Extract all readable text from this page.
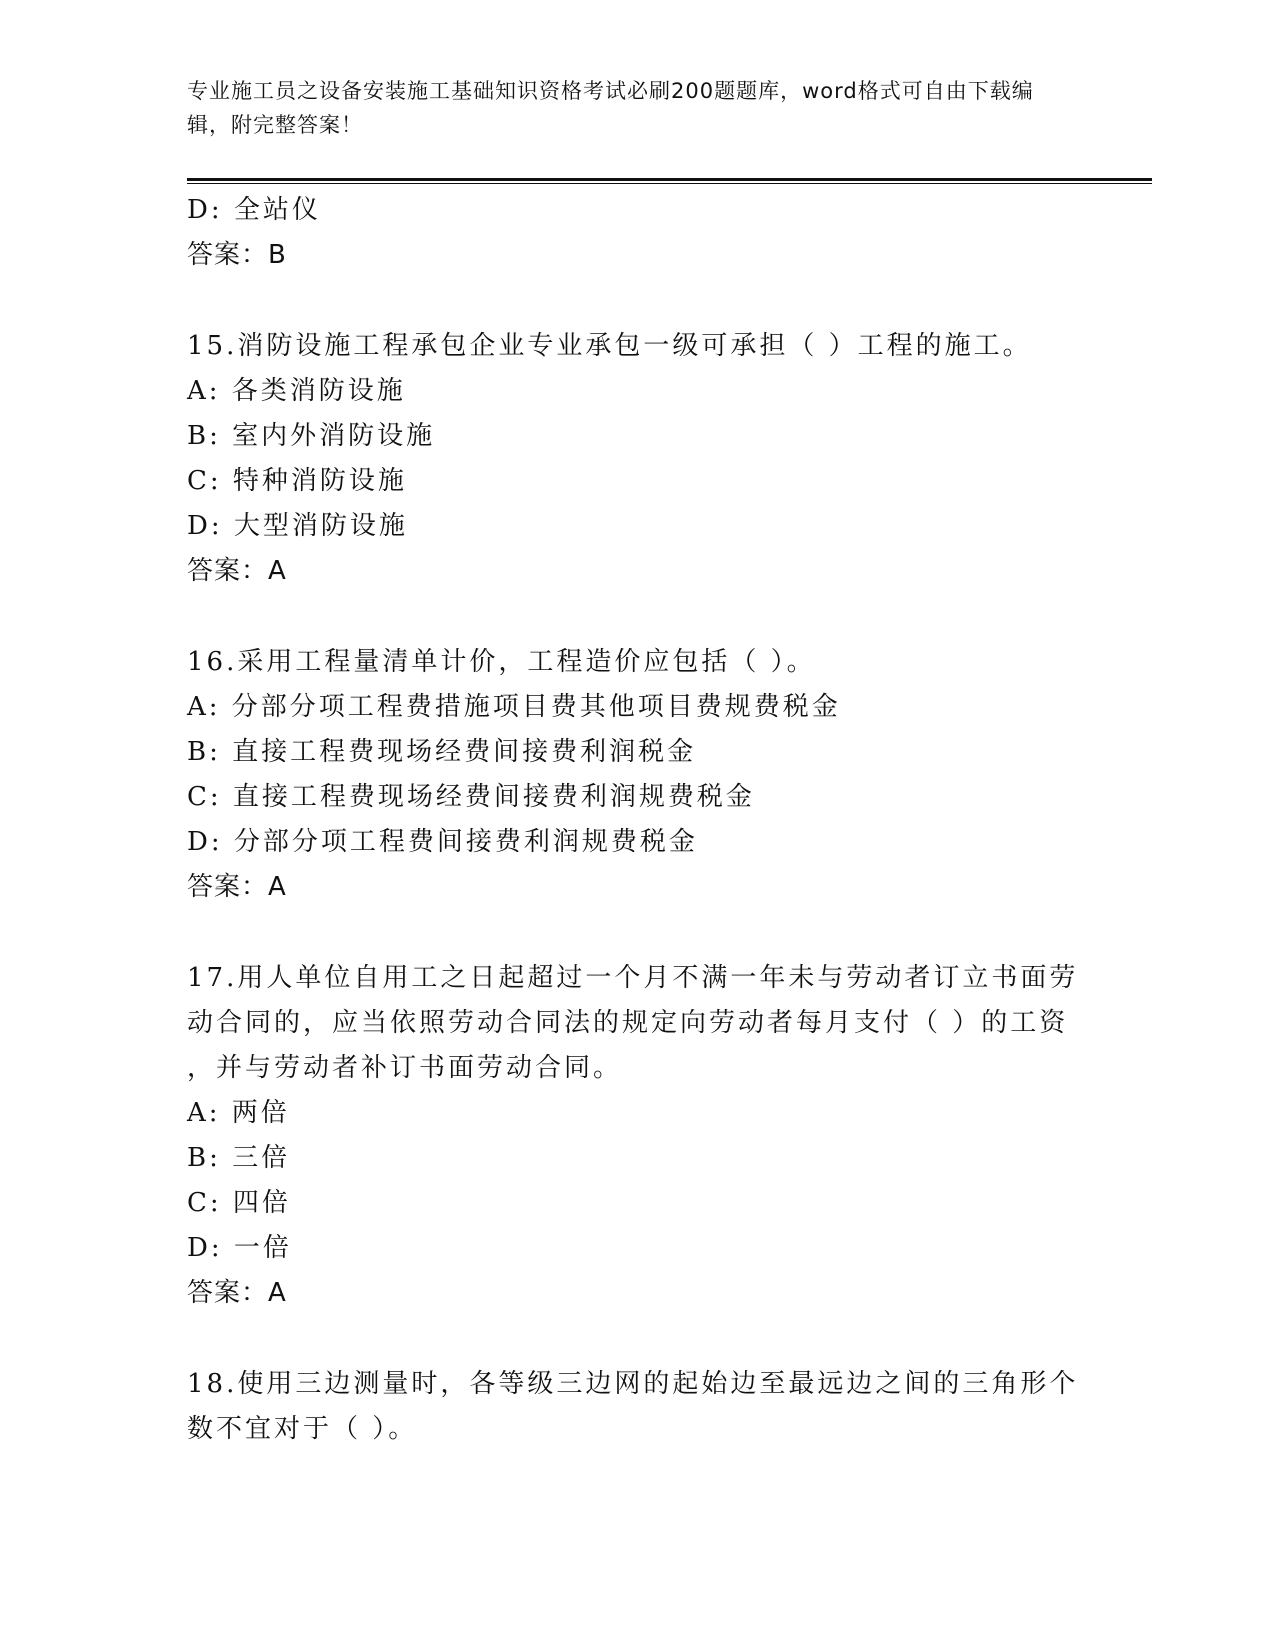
专业施工员之设备安装施工基础知识资格考试必刷200题题库，word格式可自由下载编辑，附完整答案！
D: 全站仪
答案：B
15.消防设施工程承包企业专业承包一级可承担（ ）工程的施工。
A: 各类消防设施
B: 室内外消防设施
C: 特种消防设施
D: 大型消防设施
答案：A
16.采用工程量清单计价，工程造价应包括（ ）。
A: 分部分项工程费措施项目费其他项目费规费税金
B: 直接工程费现场经费间接费利润税金
C: 直接工程费现场经费间接费利润规费税金
D: 分部分项工程费间接费利润规费税金
答案：A
17.用人单位自用工之日起超过一个月不满一年未与劳动者订立书面劳
动合同的，应当依照劳动合同法的规定向劳动者每月支付（ ）的工资
，并与劳动者补订书面劳动合同。
A: 两倍
B: 三倍
C: 四倍
D: 一倍
答案：A
18.使用三边测量时，各等级三边网的起始边至最远边之间的三角形个
数不宜对于（ ）。
